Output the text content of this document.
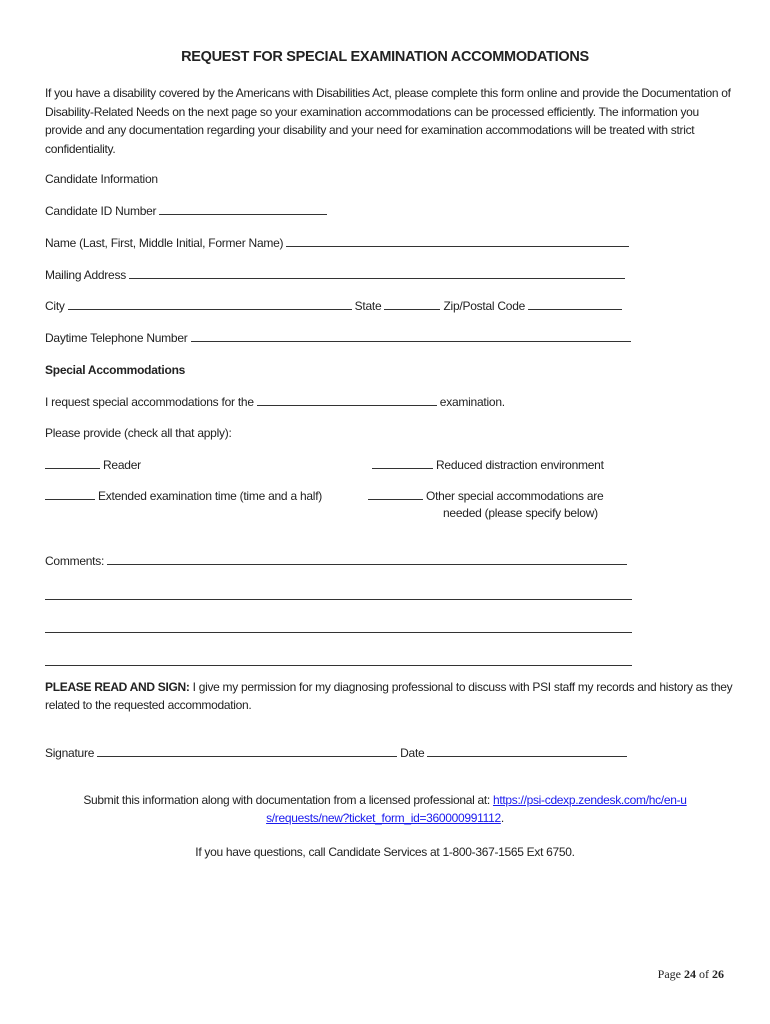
REQUEST FOR SPECIAL EXAMINATION ACCOMMODATIONS
If you have a disability covered by the Americans with Disabilities Act, please complete this form online and provide the Documentation of Disability-Related Needs on the next page so your examination accommodations can be processed efficiently. The information you provide and any documentation regarding your disability and your need for examination accommodations will be treated with strict confidentiality.
Candidate Information
Candidate ID Number
Name (Last, First, Middle Initial, Former Name)
Mailing Address
City	State	Zip/Postal Code
Daytime Telephone Number
Special Accommodations
I request special accommodations for the	examination.
Please provide (check all that apply):
Reader	Reduced distraction environment
Extended examination time (time and a half)	Other special accommodations are
needed (please specify below)
Comments:
PLEASE READ AND SIGN: I give my permission for my diagnosing professional to discuss with PSI staff my records and history as they related to the requested accommodation.
Signature	Date
Submit this information along with documentation from a licensed professional at: https://psi-cdexp.zendesk.com/hc/en-us/requests/new?ticket_form_id=360000991112.
If you have questions, call Candidate Services at 1-800-367-1565 Ext 6750.
Page 24 of 26
